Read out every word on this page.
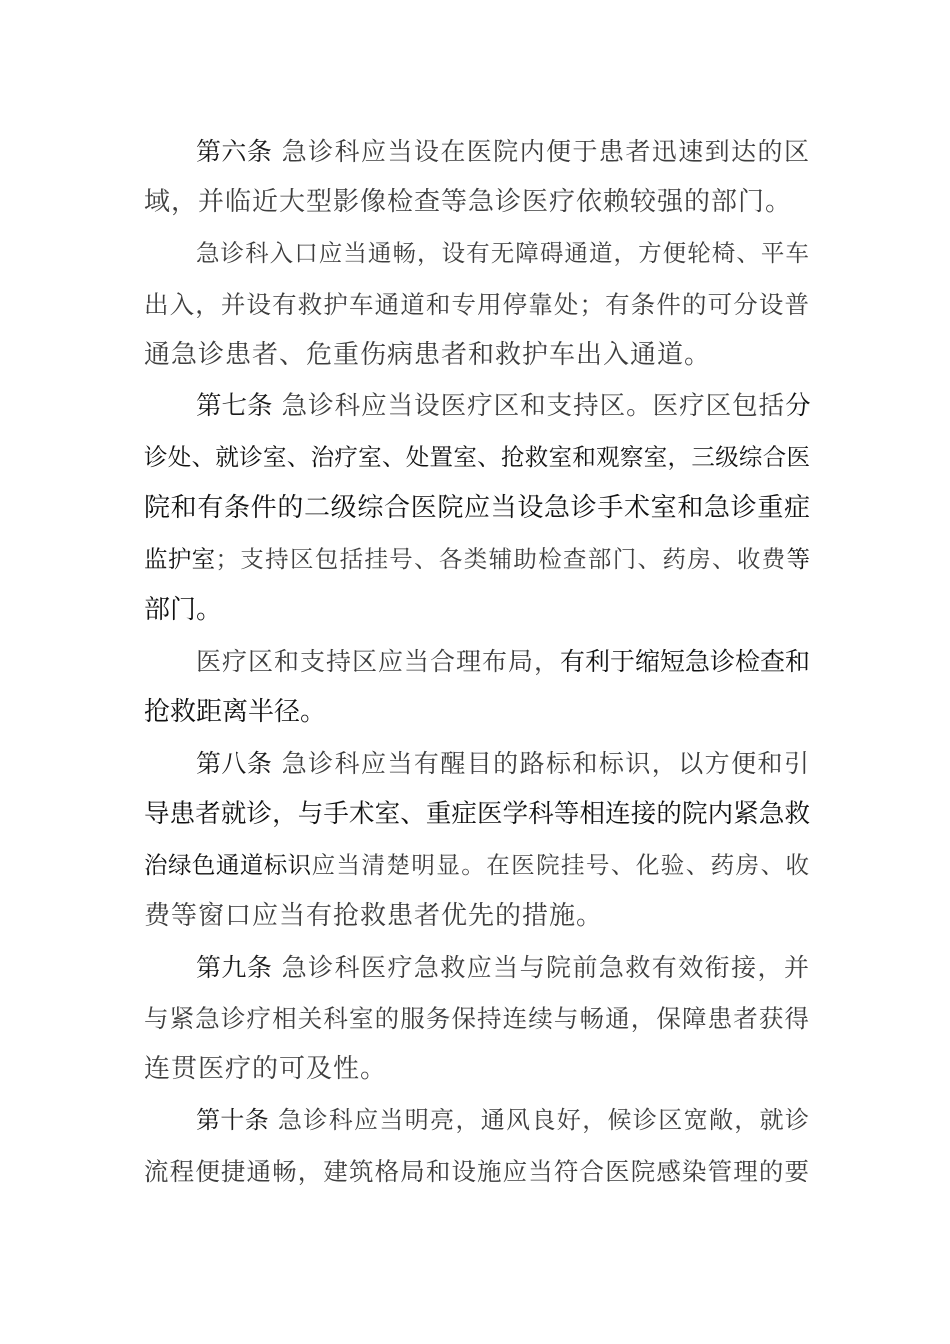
第六条 急诊科应当设在医院内便于患者迅速到达的区
域，并临近大型影像检查等急诊医疗依赖较强的部门。
急诊科入口应当通畅，设有无障碍通道，方便轮椅、平车
出入，并设有救护车通道和专用停靠处；有条件的可分设普
通急诊患者、危重伤病患者和救护车出入通道。
第七条 急诊科应当设医疗区和支持区。医疗区包括分
诊处、就诊室、治疗室、处置室、抢救室和观察室，三级综合医
院和有条件的二级综合医院应当设急诊手术室和急诊重症
监护室；支持区包括挂号、各类辅助检查部门、药房、收费等
部门。
医疗区和支持区应当合理布局，有利于缩短急诊检查和
抢救距离半径。
第八条 急诊科应当有醒目的路标和标识，以方便和引
导患者就诊，与手术室、重症医学科等相连接的院内紧急救
治绿色通道标识应当清楚明显。在医院挂号、化验、药房、收
费等窗口应当有抢救患者优先的措施。
第九条 急诊科医疗急救应当与院前急救有效衔接，并
与紧急诊疗相关科室的服务保持连续与畅通，保障患者获得
连贯医疗的可及性。
第十条 急诊科应当明亮，通风良好，候诊区宽敞，就诊
流程便捷通畅，建筑格局和设施应当符合医院感染管理的要
